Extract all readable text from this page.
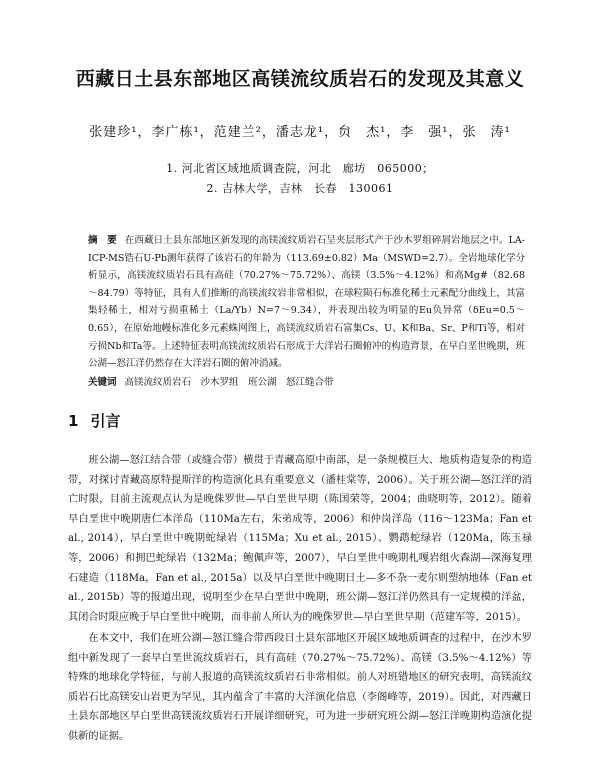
西藏日土县东部地区高镁流纹质岩石的发现及其意义
张建珍¹，李广栋¹，范建兰²，潘志龙¹，贠　杰¹，李　强¹，张　涛¹
1. 河北省区域地质调查院，河北　廊坊　065000；
2. 吉林大学，吉林　长春　130061
摘　要 在西藏日土县东部地区新发现的高镁流纹质岩石呈夹层形式产于沙木罗组碎屑岩地层之中。LA-ICP-MS锆石U-Pb测年获得了该岩石的年龄为（113.69±0.82）Ma（MSWD=2.7）。全岩地球化学分析显示，高镁流纹质岩石具有高硅（70.27%～75.72%）、高镁（3.5%～4.12%）和高Mg#（82.68～84.79）等特征，具有人们推断的高镁流纹岩非常相似，在球粒陨石标准化稀土元素配分曲线上，其富集轻稀土，相对亏损重稀土（La/Yb）N=7～9.34），并表现出较为明显的Eu负异常（δEu=0.5～0.65），在原始地幔标准化多元素蛛网图上，高镁流纹质岩石富集Cs、U、K和Ba、Sr、P和Ti等，相对亏损Nb和Ta等。上述特征表明高镁流纹质岩石形成于大洋岩石圈俯冲的构造背景，在早白垩世晚期，班公湖—怒江洋仍然存在大洋岩石圈的俯冲消减。
关键词 高镁流纹质岩石　沙木罗组　班公湖　怒江缝合带
1 引言

班公湖—怒江结合带（或缝合带）横贯于青藏高原中南部，是一条规模巨大、地质构造复杂的构造带，对探讨青藏高原特提斯洋的构造演化具有重要意义（潘桂棠等，2006）。关于班公湖—怒江洋的消亡时限，目前主流观点认为是晚侏罗世—早白垩世早期（陈国荣等，2004；曲晓明等，2012）。随着早白垩世中晚期唐仁本洋岛（110Ma左右，朱弟成等，2006）和仲岗洋岛（116～123Ma；Fan et al., 2014），早白垩世中晚期蛇绿岩（115Ma；Xu et al., 2015）、鹦鹉蛇绿岩（120Ma，陈玉禄等，2006）和拥巴蛇绿岩（132Ma；鲍佩声等，2007），早白垩世中晚期札嘎岩组火森湖—深海复理石建造（118Ma，Fan et al., 2015a）以及早白垩世中晚期日土—多不杂一麦尔则塑纳地体（Fan et al., 2015b）等的报道出现，说明至少在早白垩世中晚期，班公湖—怒江洋仍然具有一定规模的洋盆，其闭合时限应晚于早白垩世中晚期，而非前人所认为的晚侏罗世—早白垩世早期（范建军等，2015）。

在本文中，我们在班公湖—怒江缝合带西段日土县东部地区开展区域地质调查的过程中，在沙木罗组中新发现了一套早白垩世流纹质岩石，具有高硅（70.27%～75.72%）、高镁（3.5%～4.12%）等特殊的地球化学特征，与前人报道的高镁流纹质岩石非常相似。前人对班错地区的研究表明，高镁流纹质岩石比高镁安山岩更为罕见，其内蕴含了丰富的大洋演化信息（李阁峰等，2019）。因此，对西藏日土县东部地区早白垩世高镁流纹质岩石开展详细研究，可为进一步研究班公湖—怒江洋晚期构造演化提供新的证据。
